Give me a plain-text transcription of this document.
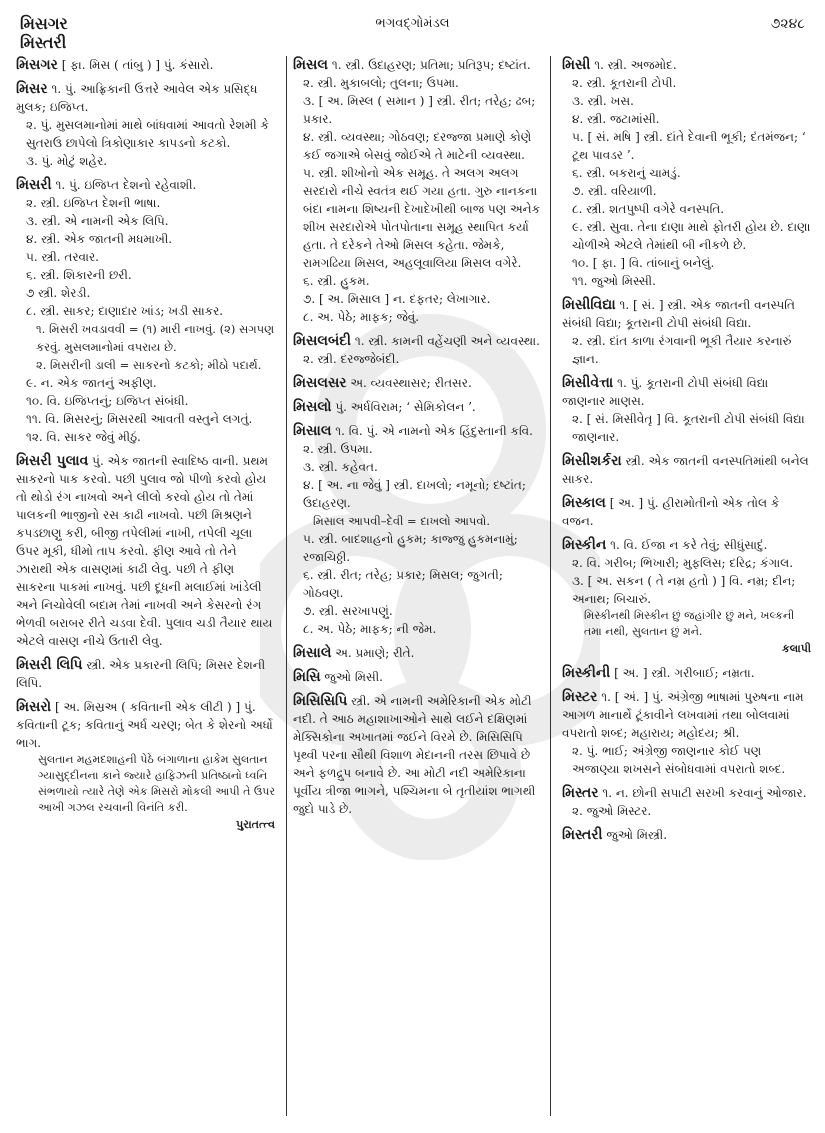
મિસગર
મિસ્તરી
ભગવદ્ગોમંડલ	૭૨૪૮
મિસગર [ ફા. મિસ ( તાંબુ ) ] પું. કંસારો.
મિસર ૧. પું. આફ્રિકાની ઉત્તરે આવેલ એક પ્રસિદ્ધ મુલક; ઇજિપ્ત.
૨. પું. મુસલમાનોમાં માથે બાંધવામાં આવતો રેશમી કે સુતરાઉ છાપેલો ત્રિકોણાકાર કાપડનો કટકો.
૩. પું. મોટું શહેર.
મિસરી ૧. પું. ઇજિપ્ત દેશનો રહેવાશી.
૨. સ્ત્રી. ઇજિપ્ત દેશની ભાષા.
૩. સ્ત્રી. એ નામની એક લિપિ.
૪. સ્ત્રી. એક જાતની મધમાખી.
૫. સ્ત્રી. તરવાર.
૬. સ્ત્રી. શિકારની છરી.
૭ સ્ત્રી. શેરડી.
૮. સ્ત્રી. સાકર; દાણાદાર ખાંડ; ખડી સાકર.
૧. મિસરી ખવડાવવી = (૧) મારી નાખવું. (૨) સગપણ કરવું. મુસલમાનોમાં વપરાય છે.
૨. મિસરીની ડાલી = સાકરનો કટકો; મીઠો પદાર્થ.
૯. ન. એક જાતનું અફીણ.
૧૦. વિ. ઇજિપ્તનું; ઇજિપ્ત સંબંધી.
૧૧. વિ. મિસરનું; મિસરથી આવતી વસ્તુને લગતું.
૧૨. વિ. સાકર જેવું મીઠું.
મિસરી પુલાવ પું. એક જાતની સ્વાદિષ્ઠ વાની. પ્રથમ સાકરનો પાક કરવો. પછી પુલાવ જો પીળો કરવો હોય તો થોડો રંગ નાખવો અને લીલો કરવો હોય તો તેમાં પાલકની ભાજીનો રસ કાઢી નાખવો. પછી મિશ્રણને કપડછાણુ કરી, બીજી તપેલીમાં નાખી, તપેલી ચૂલા ઉપર મૂકી, ધીમો તાપ કરવો. ફીણ આવે તો તેને ઝારાથી એક વાસણમાં કાઢી લેવુ. પછી તે ફીણ સાકરના પાકમાં નાખવું. પછી દૂધની મલાઈમાં ખાંડેલી અને નિચોવેલી બદામ તેમાં નાખવી અને કેસરનો રંગ ભેળવી બરાબર રીતે ચડવા દેવી. પુલાવ ચડી તૈયાર થાય એટલે વાસણ નીચે ઉતારી લેવુ.
મિસરી લિપિ સ્ત્રી. એક પ્રકારની લિપિ; મિસર દેશની લિપિ.
મિસરો [ અ. મિસ્રઅ ( કવિતાની એક લીટી ) ] પું. કવિતાની ટૂક; કવિતાનું અર્ધ ચરણ; બેત કે શેરનો અર્ધો ભાગ.
સુલતાન મહમદશાહની પેઠે બંગાળાના હાકેમ સુલતાન ગ્યાસુદ્દીનના કાને જ્યારે હાફિઝની પ્રતિષ્ઠાનો ધ્વનિ સંભળાયો ત્યારે તેણે એક મિસરો મોકલી આપી તે ઉપર આખી ગઝલ રચવાની વિનંતિ કરી.
પુરાતત્ત્વ
મિસલ ૧. સ્ત્રી. ઉદાહરણ; પ્રતિમા; પ્રતિરૂપ; દષ્ટાંત.
૨. સ્ત્રી. મુકાબલો; તુલના; ઉપમા.
૩. [ અ. મિસ્લ ( સમાન ) ] સ્ત્રી. રીત; તરેહ; ઢબ; પ્રકાર.
૪. સ્ત્રી. વ્યવસ્થા; ગોઠવણ; દરજ્જા પ્રમાણે કોણે કઈ જગાએ બેસવું જોઈએ તે માટેની વ્યવસ્થા.
૫. સ્ત્રી. શીખોનો એક સમૂહ. તે અલગ અલગ સરદારો નીચે સ્વતંત્ર થઈ ગયા હતા. ગુરુ નાનકના બંદા નામના શિષ્યની દેખાદેખીથી બાજ પણ અનેક શીખ સરદારોએ પોતપોતાના સમૂહ સ્થાપિત કર્યા હતા. તે દરેકને તેઓ મિસલ કહેતા. જેમકે, રામગઢિયા મિસલ, અહલૂવાલિયા મિસલ વગેરે.
૬. સ્ત્રી. હુકમ.
૭. [ અ. મિસાલ ] ન. દફતર; લેખાગાર.
૮. અ. પેઠે; માફક; જેવું.
મિસલબંદી ૧. સ્ત્રી. કામની વહેંચણી અને વ્યવસ્થા.
૨. સ્ત્રી. દરજ્જેબંદી.
મિસલસર અ. વ્યવસ્થાસર; રીતસર.
મિસલો પું. અર્ધવિરામ; ‘ સેમિકોલન ’.
મિસાલ ૧. વિ. પું. એ નામનો એક હિંદુસ્તાની કવિ.
૨. સ્ત્રી. ઉપમા.
૩. સ્ત્રી. કહેવત.
૪. [ અ. ના જેવું ] સ્ત્રી. દાખલો; નમૂનો; દષ્ટાંત; ઉદાહરણ.
મિસાલ આપવી–દેવી = દાખલો આપવો.
૫. સ્ત્રી. બાદશાહનો હુકમ; કાજ્જુ હુકમનામું; રજાચિઠ્ઠી.
૬. સ્ત્રી. રીત; તરેહ; પ્રકાર; મિસલ; જુગતી; ગોઠવણ.
૭. સ્ત્રી. સરખાપણું.
૮. અ. પેઠે; માફક; ની જેમ.
મિસાલે અ. પ્રમાણે; રીતે.
મિસિ જુઓ મિસી.
મિસિસિપિ સ્ત્રી. એ નામની અમેરિકાની એક મોટી નદી. તે આઠ મહાશાખાઓને સાથે લઈને દક્ષિણમાં મેક્સિકોના અખાતમાં જઈને વિરમે છે. મિસિસિપિ પૃથ્વી પરના સૌથી વિશાળ મેદાનની તરસ છિપાવે છે અને ફળદ્રુપ બનાવે છે. આ મોટી નદી અમેરિકાના પૂર્વીય ત્રીજા ભાગને, પશ્ચિમના બે તૃતીયાંશ ભાગથી જુદો પાડે છે.
મિસી ૧. સ્ત્રી. અજમોદ.
૨. સ્ત્રી. કૂતરાની ટોપી.
૩. સ્ત્રી. ખસ.
૪. સ્ત્રી. જટામાંસી.
૫. [ સં. મષિ ] સ્ત્રી. દાંતે દેવાની ભૂકી; દંતમંજન; ‘ ટૂથ પાવડર ’.
૬. સ્ત્રી. બકરાનું ચામડું.
૭. સ્ત્રી. વરિયાળી.
૮. સ્ત્રી. શતપુષ્પી વગેરે વનસ્પતિ.
૯. સ્ત્રી. સુવા. તેના દાણા માથે ફોતરી હોય છે. દાણા ચોળીએ એટલે તેમાંથી બી નીકળે છે.
૧૦. [ ફા. ] વિ. તાંબાનું બનેલું.
૧૧. જુઓ મિસ્સી.
મિસીવિદ્યા ૧. [ સં. ] સ્ત્રી. એક જાતની વનસ્પતિ સંબંધી વિદ્યા; કૂતરાની ટોપી સંબંધી વિદ્યા.
૨. સ્ત્રી. દાંત કાળા રંગવાની ભૂકી તૈયાર કરનારું જ્ઞાન.
મિસીવેત્તા ૧. પું. કૂતરાની ટોપી સંબંધી વિદ્યા જાણનાર માણસ.
૨. [ સં. મિસીવેતૃ ] વિ. કૂતરાની ટોપી સંબંધી વિદ્યા જાણનાર.
મિસીશર્કરા સ્ત્રી. એક જાતની વનસ્પતિમાંથી બનેલ સાકર.
મિસ્કાલ [ અ. ] પું. હીરામોતીનો એક તોલ કે વજન.
મિસ્કીન ૧. વિ. ઈજા ન કરે તેવું; સીધુંસાદું.
૨. વિ. ગરીબ; ભિખારી; મુફલિસ; દરિદ્ર; કંગાલ.
૩. [ અ. સકન ( તે નમ્ર હતો ) ] વિ. નમ્ર; દીન; અનાથ; બિચારું.
મિસ્કીનથી મિસ્કીન છું જહાંગીર છું મને, ખલ્કની તમા નથી, સુલતાન છું મને.
કલાપી
મિસ્કીની [ અ. ] સ્ત્રી. ગરીબાઈ; નમ્રતા.
મિસ્ટર ૧. [ અં. ] પું. અંગ્રેજી ભાષામાં પુરુષના નામ આગળ માનાર્થે ટૂંકાવીને લખવામાં તથા બોલવામાં વપરાતો શબ્દ; મહારાય; મહોદય; શ્રી.
૨. પું. ભાઈ; અંગ્રેજી જાણનાર કોઈ પણ અજાણ્યા શખસને સંબોધવામાં વપરાતો શબ્દ.
મિસ્તર ૧. ન. છોની સપાટી સરખી કરવાનું ઓજાર.
૨. જુઓ મિસ્ટર.
મિસ્તરી જુઓ મિસ્ત્રી.
